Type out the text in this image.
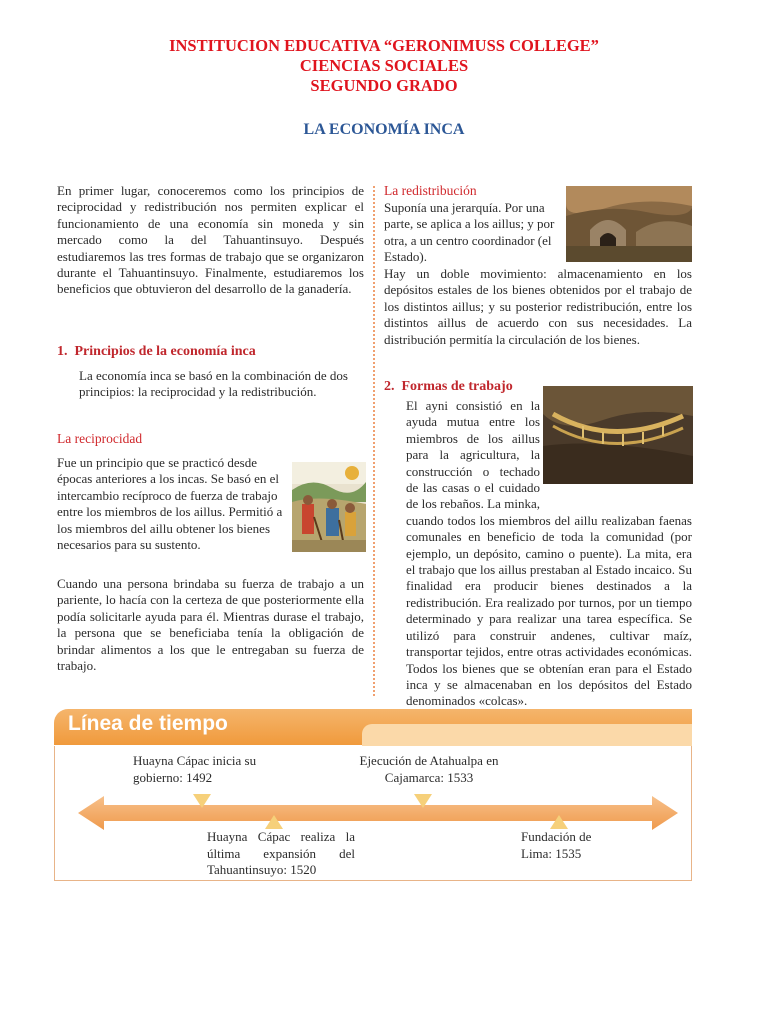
INSTITUCION EDUCATIVA “GERONIMUSS COLLEGE”
CIENCIAS SOCIALES
SEGUNDO GRADO
LA ECONOMÍA INCA
En primer lugar, conoceremos como los principios de reciprocidad y redistribución nos permiten explicar el funcionamiento de una economía sin moneda y sin mercado como la del Tahuantinsuyo. Después estudiaremos las tres formas de trabajo que se organizaron durante el Tahuantinsuyo. Finalmente, estudiaremos los beneficios que obtuvieron del desarrollo de la ganadería.
1. Principios de la economía inca
La economía inca se basó en la combinación de dos principios: la reciprocidad y la redistribución.
La reciprocidad
Fue un principio que se practicó desde épocas anteriores a los incas. Se basó en el intercambio recíproco de fuerza de trabajo entre los miembros de los aillus. Permitió a los miembros del aillu obtener los bienes necesarios para su sustento.
Cuando una persona brindaba su fuerza de trabajo a un pariente, lo hacía con la certeza de que posteriormente ella podía solicitarle ayuda para él. Mientras durase el trabajo, la persona que se beneficiaba tenía la obligación de brindar alimentos a los que le entregaban su fuerza de trabajo.
La redistribución
Suponía una jerarquía. Por una parte, se aplica a los aillus; y por otra, a un centro coordinador (el Estado).
Hay un doble movimiento: almacenamiento en los depósitos estales de los bienes obtenidos por el trabajo de los distintos aillus; y su posterior redistribución, entre los distintos aillus de acuerdo con sus necesidades. La distribución permitía la circulación de los bienes.
2. Formas de trabajo
El ayni consistió en la ayuda mutua entre los miembros de los aillus para la agricultura, la construcción o techado de las casas o el cuidado de los rebaños. La minka, cuando todos los miembros del aillu realizaban faenas comunales en beneficio de toda la comunidad (por ejemplo, un depósito, camino o puente). La mita, era el trabajo que los aillus prestaban al Estado incaico. Su finalidad era producir bienes destinados a la redistribución. Era realizado por turnos, por un tiempo determinado y para realizar una tarea específica. Se utilizó para construir andenes, cultivar maíz, transportar tejidos, entre otras actividades económicas. Todos los bienes que se obtenían eran para el Estado inca y se almacenaban en los depósitos del Estado denominados «colcas».
Línea de tiempo
Huayna Cápac inicia su gobierno: 1492
Ejecución de Atahualpa en Cajamarca: 1533
Huayna Cápac realiza la última expansión del Tahuantinsuyo: 1520
Fundación de Lima: 1535
